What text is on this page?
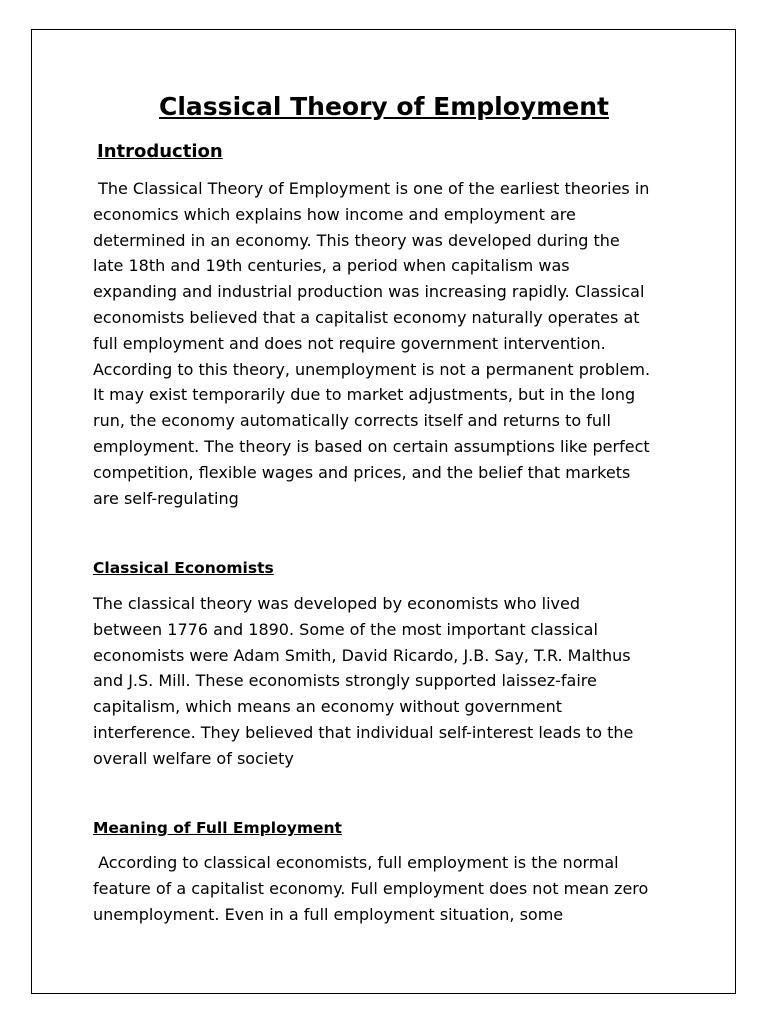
Classical Theory of Employment
Introduction

The Classical Theory of Employment is one of the earliest theories in
economics which explains how income and employment are
determined in an economy. This theory was developed during the
late 18th and 19th centuries, a period when capitalism was
expanding and industrial production was increasing rapidly. Classical
economists believed that a capitalist economy naturally operates at
full employment and does not require government intervention.
According to this theory, unemployment is not a permanent problem.
It may exist temporarily due to market adjustments, but in the long
run, the economy automatically corrects itself and returns to full
employment. The theory is based on certain assumptions like perfect
competition, flexible wages and prices, and the belief that markets
are self-regulating

Classical Economists

The classical theory was developed by economists who lived
between 1776 and 1890. Some of the most important classical
economists were Adam Smith, David Ricardo, J.B. Say, T.R. Malthus
and J.S. Mill. These economists strongly supported laissez-faire
capitalism, which means an economy without government
interference. They believed that individual self-interest leads to the
overall welfare of society

Meaning of Full Employment

According to classical economists, full employment is the normal
feature of a capitalist economy. Full employment does not mean zero
unemployment. Even in a full employment situation, some
